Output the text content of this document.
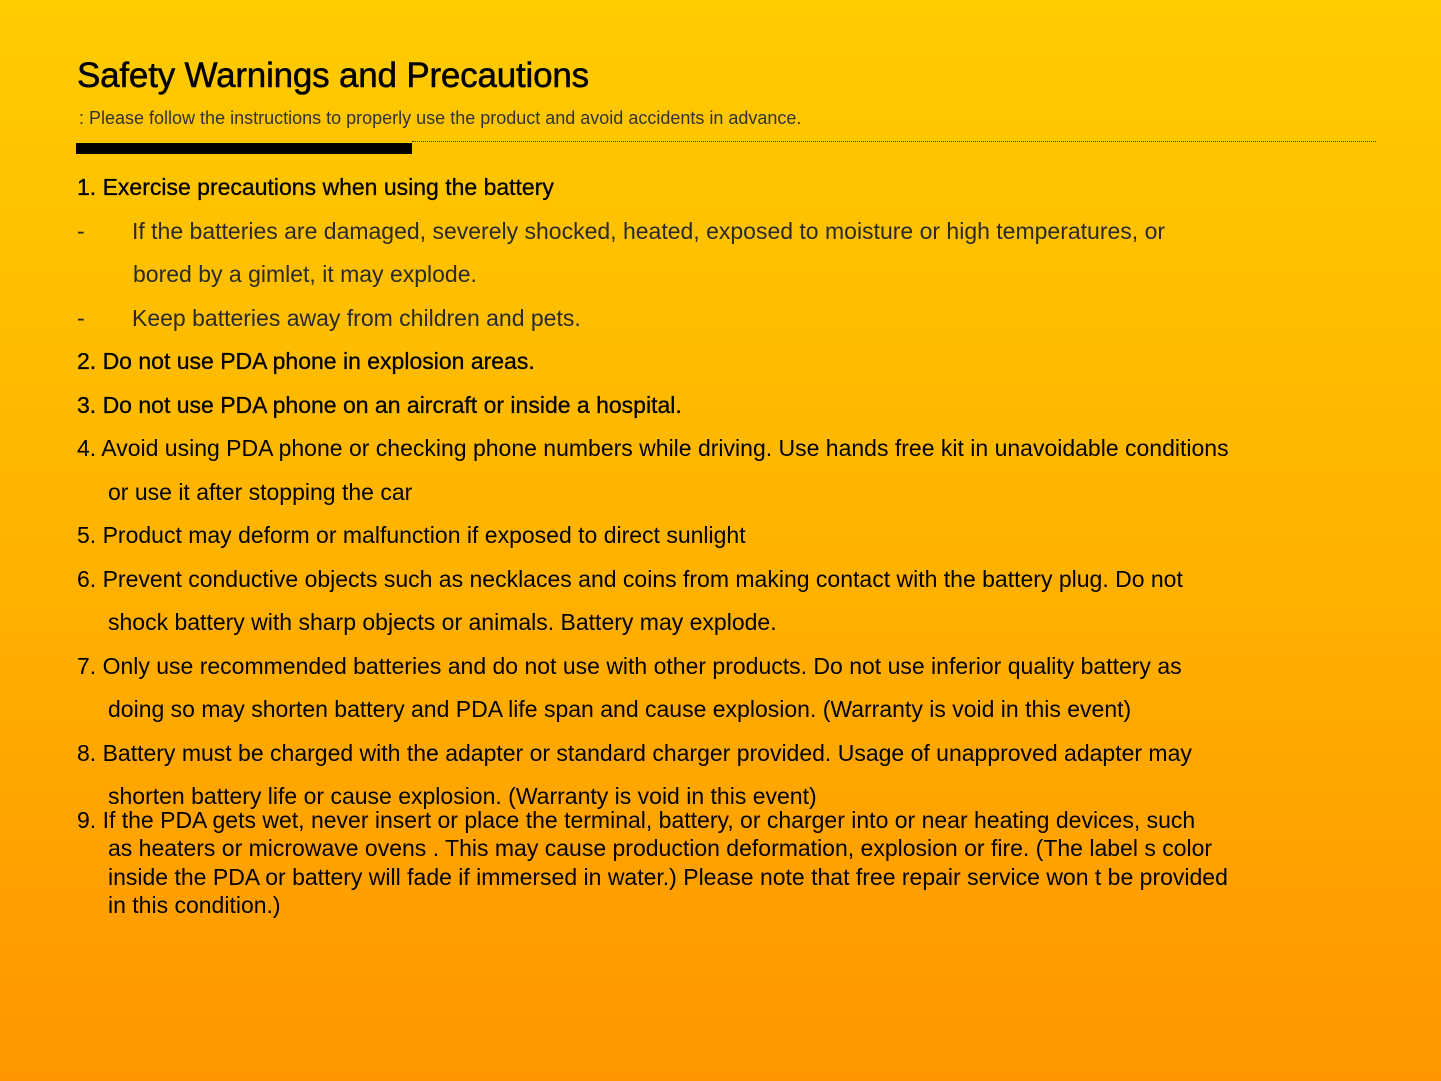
Safety Warnings and Precautions

: Please follow the instructions to properly use the product and avoid accidents in advance.

1. Exercise precautions when using the battery

-	If the batteries are damaged, severely shocked, heated, exposed to moisture or high temperatures, or

bored by a gimlet, it may explode.

-	Keep batteries away from children and pets.

2. Do not use PDA phone in explosion areas.

3. Do not use PDA phone on an aircraft or inside a hospital.

4. Avoid using PDA phone or checking phone numbers while driving. Use hands free kit in unavoidable conditions

or use it after stopping the car

5. Product may deform or malfunction if exposed to direct sunlight

6. Prevent conductive objects such as necklaces and coins from making contact with the battery plug. Do not

shock battery with sharp objects or animals. Battery may explode.

7. Only use recommended batteries and do not use with other products. Do not use inferior quality battery as

doing so may shorten battery and PDA life span and cause explosion. (Warranty is void in this event)

8. Battery must be charged with the adapter or standard charger provided. Usage of unapproved adapter may

shorten battery life or cause explosion. (Warranty is void in this event)

9. If the PDA gets wet, never insert or place the terminal, battery, or charger into or near heating devices, such

as heaters or microwave ovens . This may cause production deformation, explosion or fire. (The label s color

inside the PDA or battery will fade if immersed in water.) Please note that free repair service won t be provided

in this condition.)
